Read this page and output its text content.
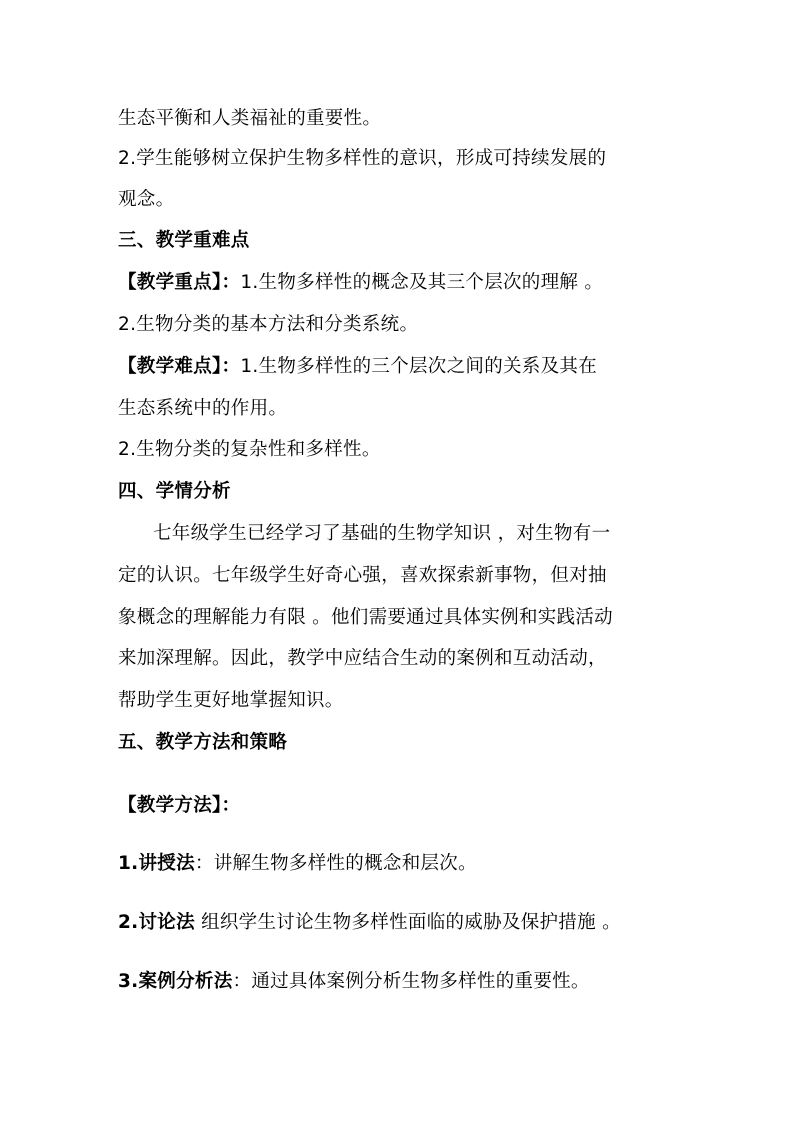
生态平衡和人类福祉的重要性。
2.学生能够树立保护生物多样性的意识，形成可持续发展的
观念。
三、教学重难点
【教学重点】：1.生物多样性的概念及其三个层次的理解 。
2.生物分类的基本方法和分类系统。
【教学难点】：1.生物多样性的三个层次之间的关系及其在
生态系统中的作用。
2.生物分类的复杂性和多样性。
四、学情分析
七年级学生已经学习了基础的生物学知识 ，对生物有一
定的认识。七年级学生好奇心强，喜欢探索新事物，但对抽
象概念的理解能力有限 。他们需要通过具体实例和实践活动
来加深理解。因此，教学中应结合生动的案例和互动活动，
帮助学生更好地掌握知识。
五、教学方法和策略
【教学方法】：
1.讲授法：讲解生物多样性的概念和层次。
2.讨论法 组织学生讨论生物多样性面临的威胁及保护措施 。
3.案例分析法：通过具体案例分析生物多样性的重要性。
